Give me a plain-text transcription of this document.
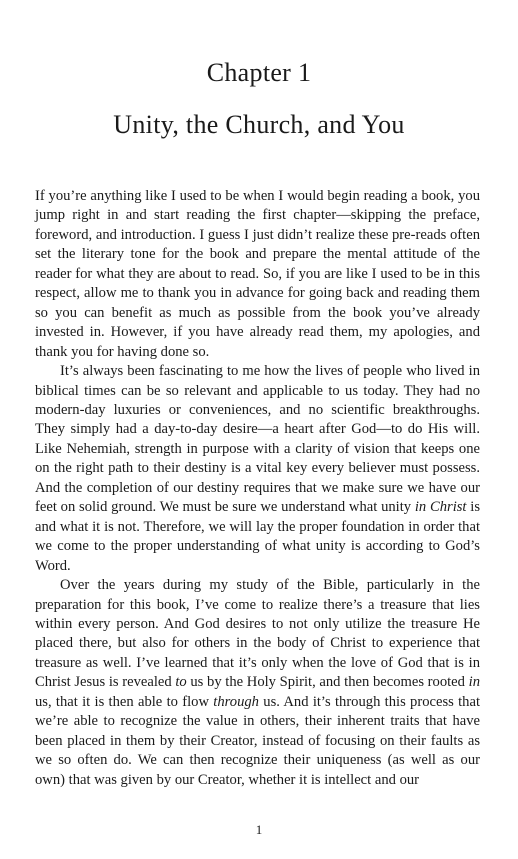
Chapter 1
Unity, the Church, and You

If you’re anything like I used to be when I would begin reading a book, you jump right in and start reading the first chapter—skipping the preface, foreword, and introduction. I guess I just didn’t realize these pre-reads often set the literary tone for the book and prepare the mental attitude of the reader for what they are about to read. So, if you are like I used to be in this respect, allow me to thank you in advance for going back and reading them so you can benefit as much as possible from the book you’ve already invested in. However, if you have already read them, my apologies, and thank you for having done so.

It’s always been fascinating to me how the lives of people who lived in biblical times can be so relevant and applicable to us today. They had no modern-day luxuries or conveniences, and no scientific breakthroughs. They simply had a day-to-day desire—a heart after God—to do His will. Like Nehemiah, strength in purpose with a clarity of vision that keeps one on the right path to their destiny is a vital key every believer must possess. And the completion of our destiny requires that we make sure we have our feet on solid ground. We must be sure we understand what unity in Christ is and what it is not. Therefore, we will lay the proper foundation in order that we come to the proper understanding of what unity is according to God’s Word.

Over the years during my study of the Bible, particularly in the preparation for this book, I’ve come to realize there’s a treasure that lies within every person. And God desires to not only utilize the treasure He placed there, but also for others in the body of Christ to experience that treasure as well. I’ve learned that it’s only when the love of God that is in Christ Jesus is revealed to us by the Holy Spirit, and then becomes rooted in us, that it is then able to flow through us. And it’s through this process that we’re able to recognize the value in others, their inherent traits that have been placed in them by their Creator, instead of focusing on their faults as we so often do. We can then recognize their uniqueness (as well as our own) that was given by our Creator, whether it is intellect and our

1
